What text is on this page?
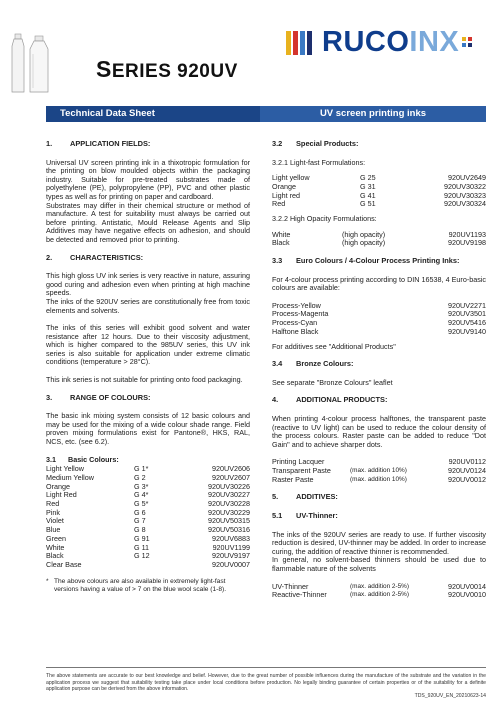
SERIES 920UV
RUCOINX
Technical Data Sheet	UV screen printing inks
1.	APPLICATION FIELDS:
Universal UV screen printing ink in a thixotropic formulation for the printing on blow moulded objects within the packaging industry. Suitable for pre-treated substrates made of polyethylene (PE), polypropylene (PP), PVC and other plastic types as well as for printing on paper and cardboard.
Substrates may differ in their chemical structure or method of manufacture. A test for suitability must always be carried out before printing. Antistatic, Mould Release Agents and Slip Additives may have negative effects on adhesion, and should be detected and removed prior to printing.
2.	CHARACTERISTICS:
This high gloss UV ink series is very reactive in nature, assuring good curing and adhesion even when printing at high machine speeds.
The inks of the 920UV series are constitutionally free from toxic elements and solvents.
The inks of this series will exhibit good solvent and water resistance after 12 hours. Due to their viscosity adjustment, which is higher compared to the 985UV series, this UV ink series is also suitable for application under extreme climatic conditions (temperature > 28°C).
This ink series is not suitable for printing onto food packaging.
3.	RANGE OF COLOURS:
The basic ink mixing system consists of 12 basic colours and may be used for the mixing of a wide colour shade range. Field proven mixing formulations exist for Pantone®, HKS, RAL, NCS, etc. (see 6.2).
3.1	Basic Colours:
Light Yellow	G 1*	920UV2606
Medium Yellow	G 2	920UV2607
Orange	G 3*	920UV30226
Light Red	G 4*	920UV30227
Red	G 5*	920UV30228
Pink	G 6	920UV30229
Violet	G 7	920UV50315
Blue	G 8	920UV50316
Green	G 91	920UV6883
White	G 11	920UV1199
Black	G 12	920UV9197
Clear Base	920UV0007
* The above colours are also available in extremely light-fast versions having a value of > 7 on the blue wool scale (1-8).
3.2	Special Products:
3.2.1 Light-fast Formulations:
Light yellow	G 25	920UV2649
Orange	G 31	920UV30322
Light red	G 41	920UV30323
Red	G 51	920UV30324
3.2.2 High Opacity Formulations:
White	(high opacity)	920UV1193
Black	(high opacity)	920UV9198
3.3	Euro Colours / 4-Colour Process Printing Inks:
For 4-colour process printing according to DIN 16538, 4 Euro-basic colours are available:
Process-Yellow	920UV2271
Process-Magenta	920UV3501
Process-Cyan	920UV5416
Halftone Black	920UV9140
For additives see "Additional Products"
3.4	Bronze Colours:
See separate "Bronze Colours" leaflet
4.	ADDITIONAL PRODUCTS:
When printing 4-colour process halftones, the transparent paste (reactive to UV light) can be used to reduce the colour density of the process colours. Raster paste can be added to reduce "Dot Gain" and to achieve sharper dots.
Printing Lacquer	920UV0112
Transparent Paste	(max. addition 10%)	920UV0124
Raster Paste	(max. addition 10%)	920UV0012
5.	ADDITIVES:
5.1	UV-Thinner:
The inks of the 920UV series are ready to use. If further viscosity reduction is desired, UV-thinner may be added. In order to increase curing, the addition of reactive thinner is recommended.
In general, no solvent-based thinners should be used due to flammable nature of the solvents
UV-Thinner	(max. addition 2-5%)	920UV0014
Reactive-Thinner	(max. addition 2-5%)	920UV0010
The above statements are accurate to our best knowledge and belief. However, due to the great number of possible influences during the manufacture of the substrate and the variation in the application process we suggest that suitability testing take place under local conditions before production. No legally binding guarantee of certain properties or of the suitability for a definite application purpose can be derived from the above information.
TDS_920UV_EN_20210623-14
